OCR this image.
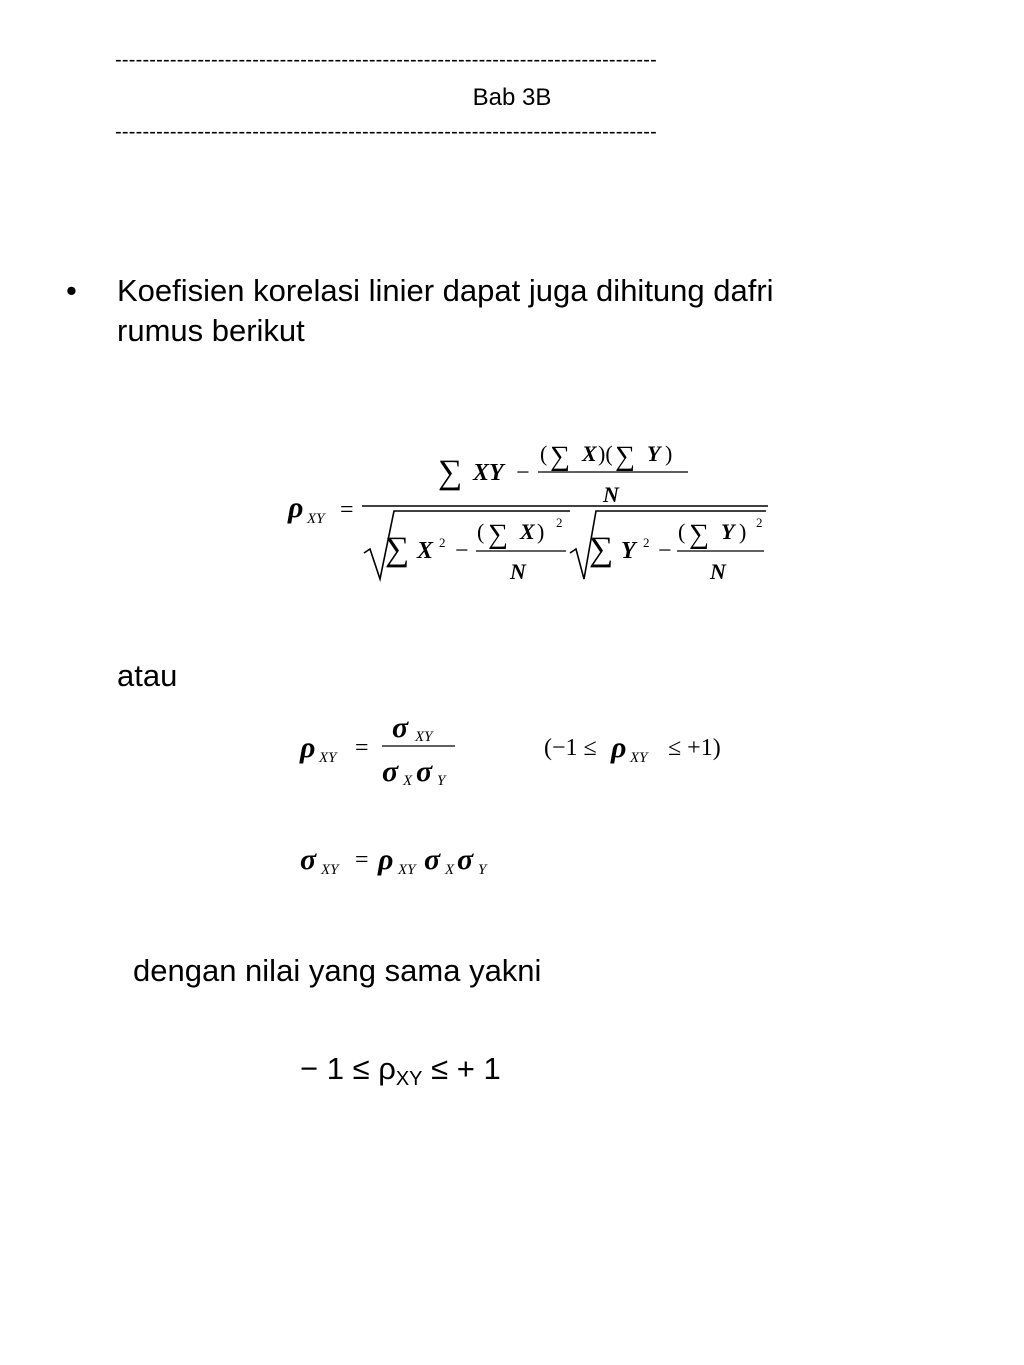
-------------------------------------------------------------------------------
Bab 3B
-------------------------------------------------------------------------------
• Koefisien korelasi linier dapat juga dihitung dafri
rumus berikut
ρ XY =
∑ XY −
( ∑ X )( ∑ Y )
N
∑ X 2 −
( ∑ X ) 2
N
∑ Y 2 −
( ∑ Y ) 2
N
atau
ρ XY =
σ XY
σ X σ Y
(−1 ≤ ρ XY ≤ +1)
σ XY = ρ XY σ X σ Y
dengan nilai yang sama yakni
− $1 \le \rho_{XY}$ ≤ + 1
